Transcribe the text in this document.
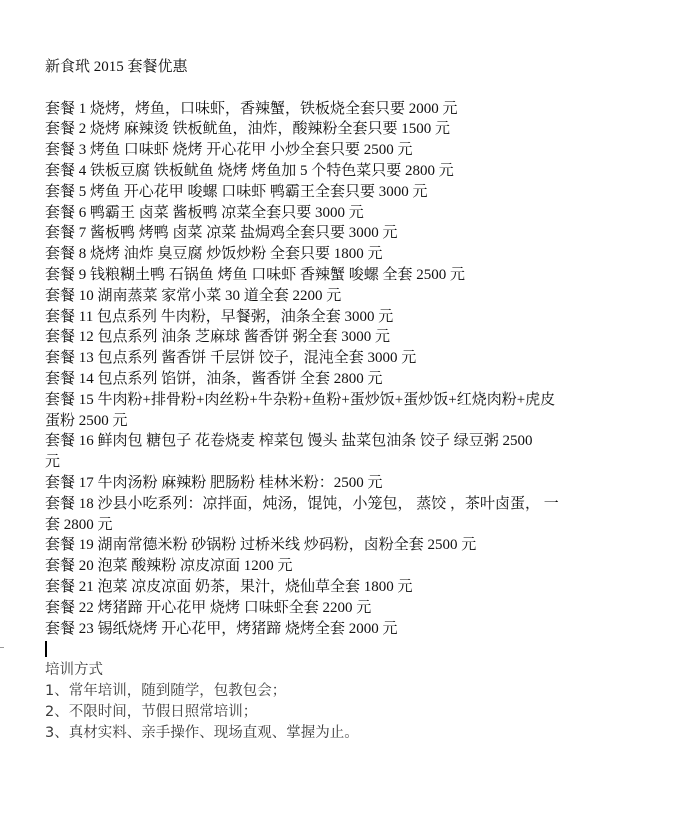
新食玳 2015 套餐优惠
套餐 1 烧烤，烤鱼，口味虾，香辣蟹，铁板烧全套只要 2000 元
套餐 2 烧烤 麻辣烫 铁板鱿鱼，油炸，酸辣粉全套只要 1500 元
套餐 3 烤鱼 口味虾 烧烤 开心花甲 小炒全套只要 2500 元
套餐 4 铁板豆腐 铁板鱿鱼 烧烤 烤鱼加 5 个特色菜只要 2800 元
套餐 5 烤鱼 开心花甲 唆螺 口味虾 鸭霸王全套只要 3000 元
套餐 6 鸭霸王 卤菜 酱板鸭 凉菜全套只要 3000 元
套餐 7 酱板鸭 烤鸭 卤菜 凉菜 盐焗鸡全套只要 3000 元
套餐 8 烧烤 油炸 臭豆腐 炒饭炒粉 全套只要 1800 元
套餐 9 钱粮糊土鸭 石锅鱼 烤鱼 口味虾 香辣蟹 唆螺 全套 2500 元
套餐 10 湖南蒸菜 家常小菜 30 道全套 2200 元
套餐 11 包点系列 牛肉粉，早餐粥，油条全套 3000 元
套餐 12 包点系列 油条 芝麻球 酱香饼 粥全套 3000 元
套餐 13 包点系列 酱香饼 千层饼 饺子，混沌全套 3000 元
套餐 14 包点系列 馅饼，油条，酱香饼 全套 2800 元
套餐 15 牛肉粉+排骨粉+肉丝粉+牛杂粉+鱼粉+蛋炒饭+蛋炒饭+红烧肉粉+虎皮
蛋粉 2500 元
套餐 16 鲜肉包 糖包子 花卷烧麦 榨菜包 馒头 盐菜包油条 饺子 绿豆粥 2500
元
套餐 17 牛肉汤粉 麻辣粉 肥肠粉 桂林米粉：2500 元
套餐 18 沙县小吃系列：凉拌面，炖汤，馄饨，小笼包， 蒸饺 ，茶叶卤蛋， 一
套 2800 元
套餐 19 湖南常德米粉 砂锅粉 过桥米线 炒码粉，卤粉全套 2500 元
套餐 20 泡菜 酸辣粉 凉皮凉面 1200 元
套餐 21 泡菜 凉皮凉面 奶茶，果汁，烧仙草全套 1800 元
套餐 22 烤猪蹄 开心花甲 烧烤 口味虾全套 2200 元
套餐 23 锡纸烧烤 开心花甲，烤猪蹄 烧烤全套 2000 元
培训方式
1、常年培训，随到随学，包教包会；
2、不限时间，节假日照常培训；
3、真材实料、亲手操作、现场直观、掌握为止。
